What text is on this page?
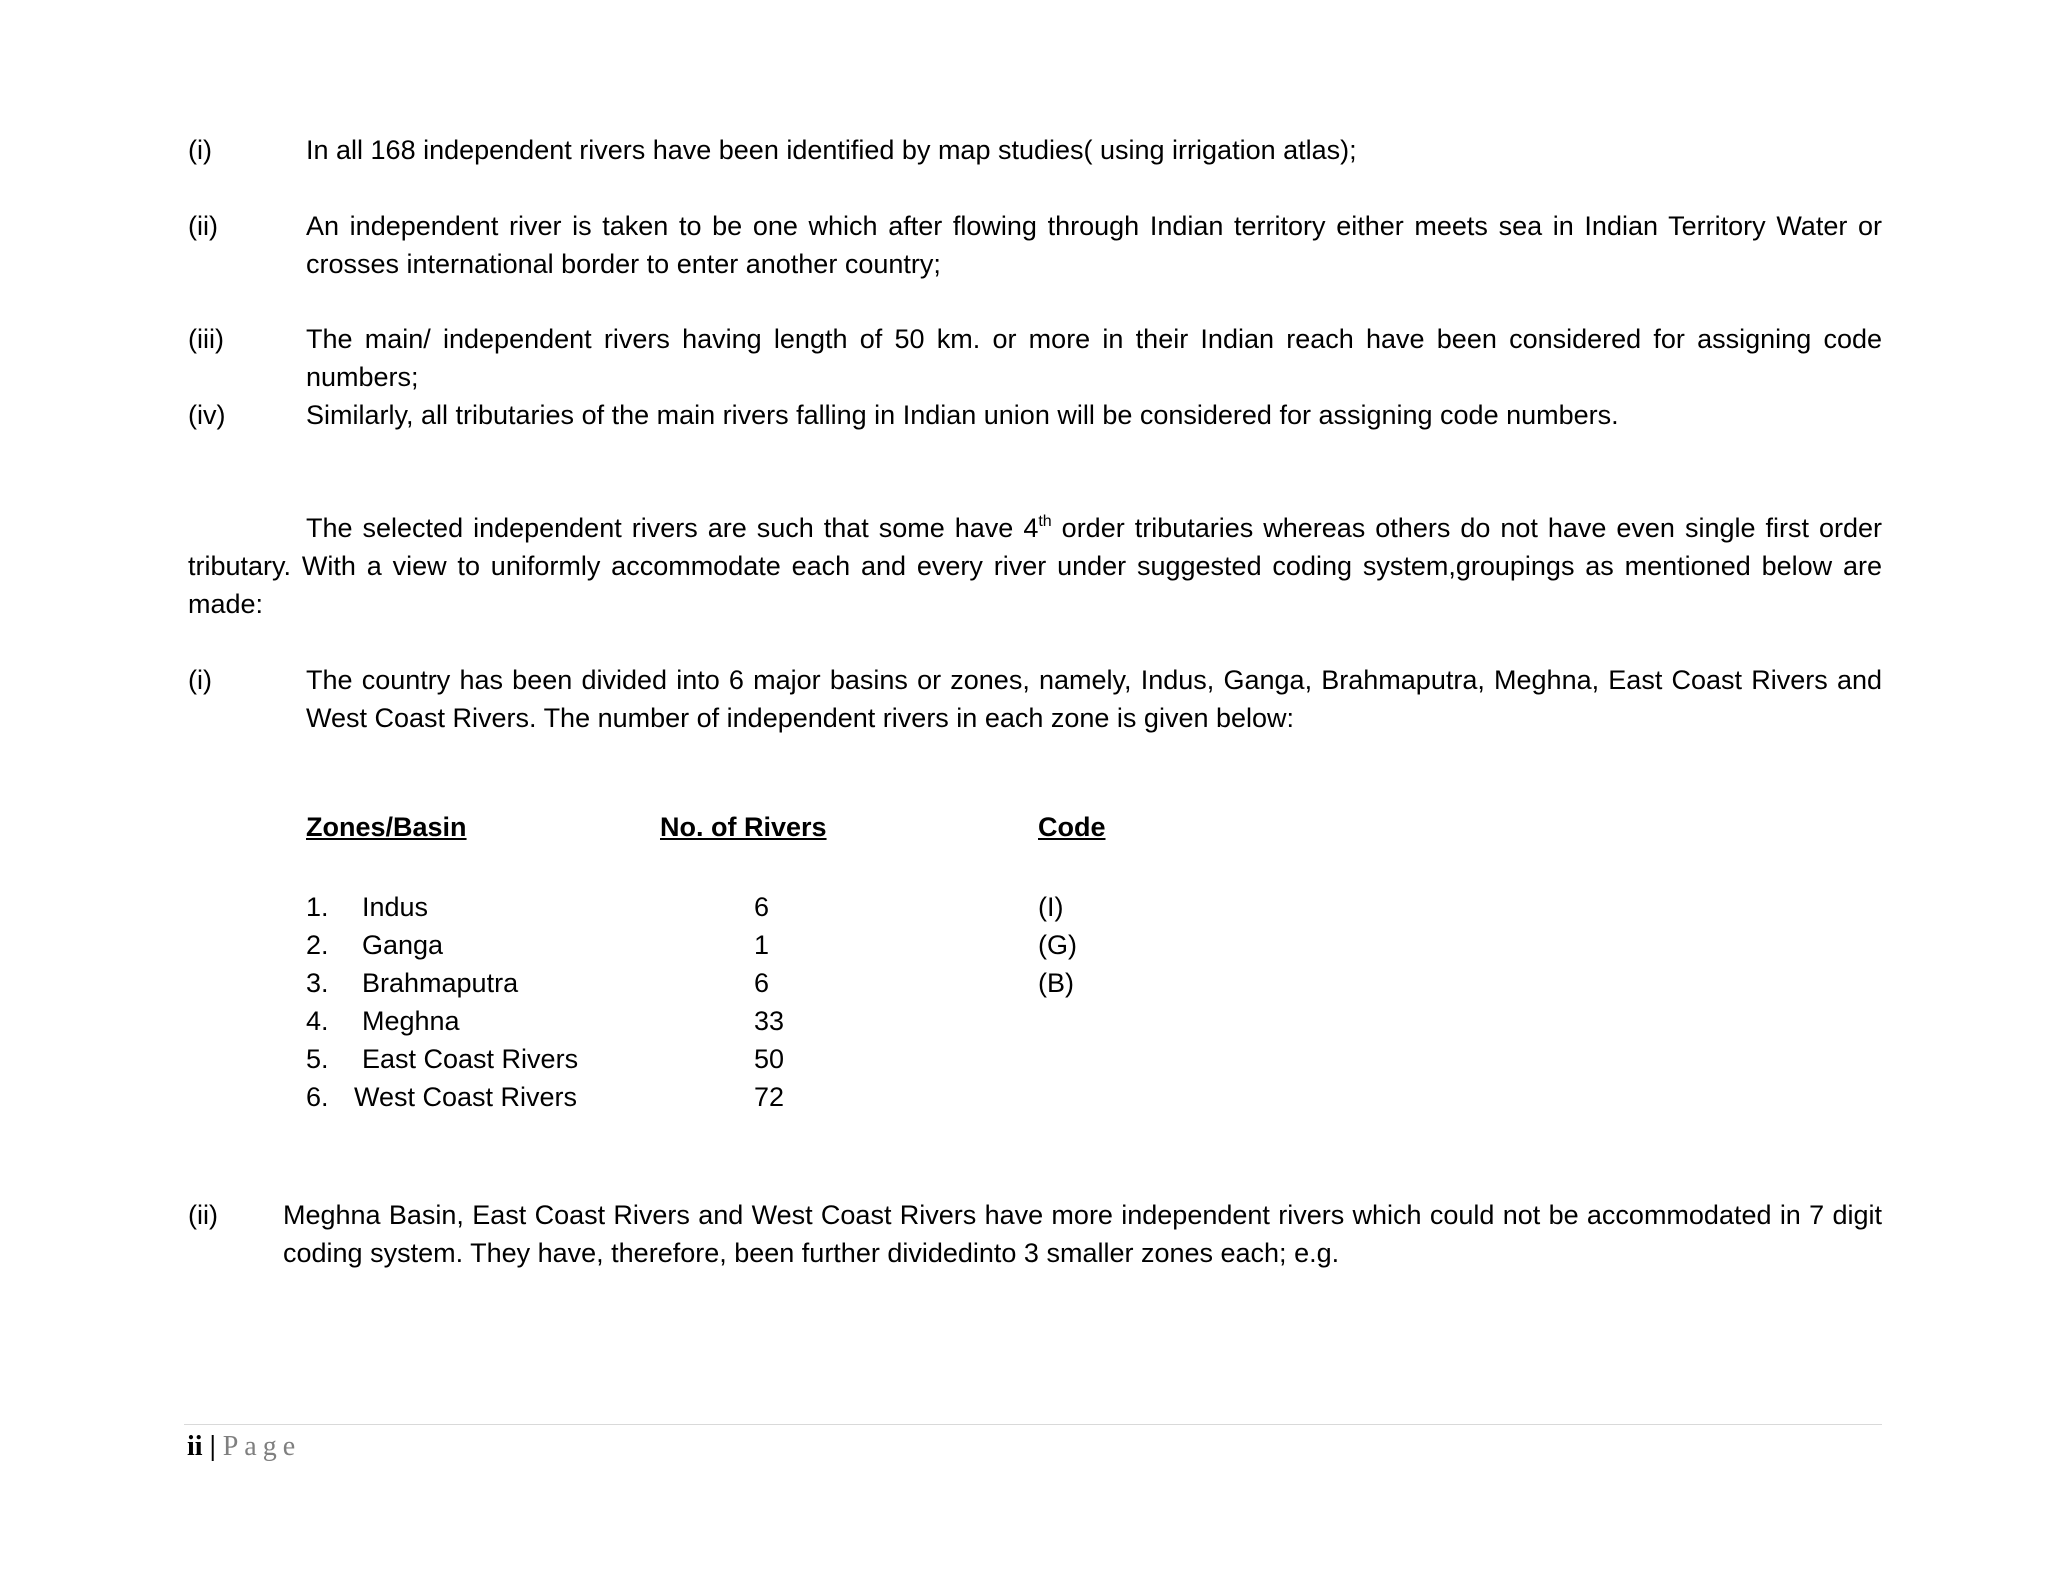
(i)	In all 168 independent rivers have been identified by map studies( using irrigation atlas);
(ii)	An independent river is taken to be one which after flowing through Indian territory either meets sea in Indian Territory Water or crosses international border to enter another country;
(iii)	The main/ independent rivers having length of 50 km. or more in their Indian reach have been considered for assigning code numbers;
(iv)	Similarly, all tributaries of the main rivers falling in Indian union will be considered for assigning code numbers.
The selected independent rivers are such that some have 4th order tributaries whereas others do not have even single first order tributary. With a view to uniformly accommodate each and every river under suggested coding system,groupings as mentioned below are made:
(i)	The country has been divided into 6 major basins or zones, namely, Indus, Ganga, Brahmaputra, Meghna, East Coast Rivers and West Coast Rivers. The number of independent rivers in each zone is given below:
Zones/Basin	No. of Rivers	Code
1. Indus	6	(I)
2. Ganga	1	(G)
3. Brahmaputra	6	(B)
4. Meghna	33
5. East Coast Rivers	50
6. West Coast Rivers	72
(ii) Meghna Basin, East Coast Rivers and West Coast Rivers have more independent rivers which could not be accommodated in 7 digit coding system. They have, therefore, been further dividedinto 3 smaller zones each; e.g.
ii | Page
